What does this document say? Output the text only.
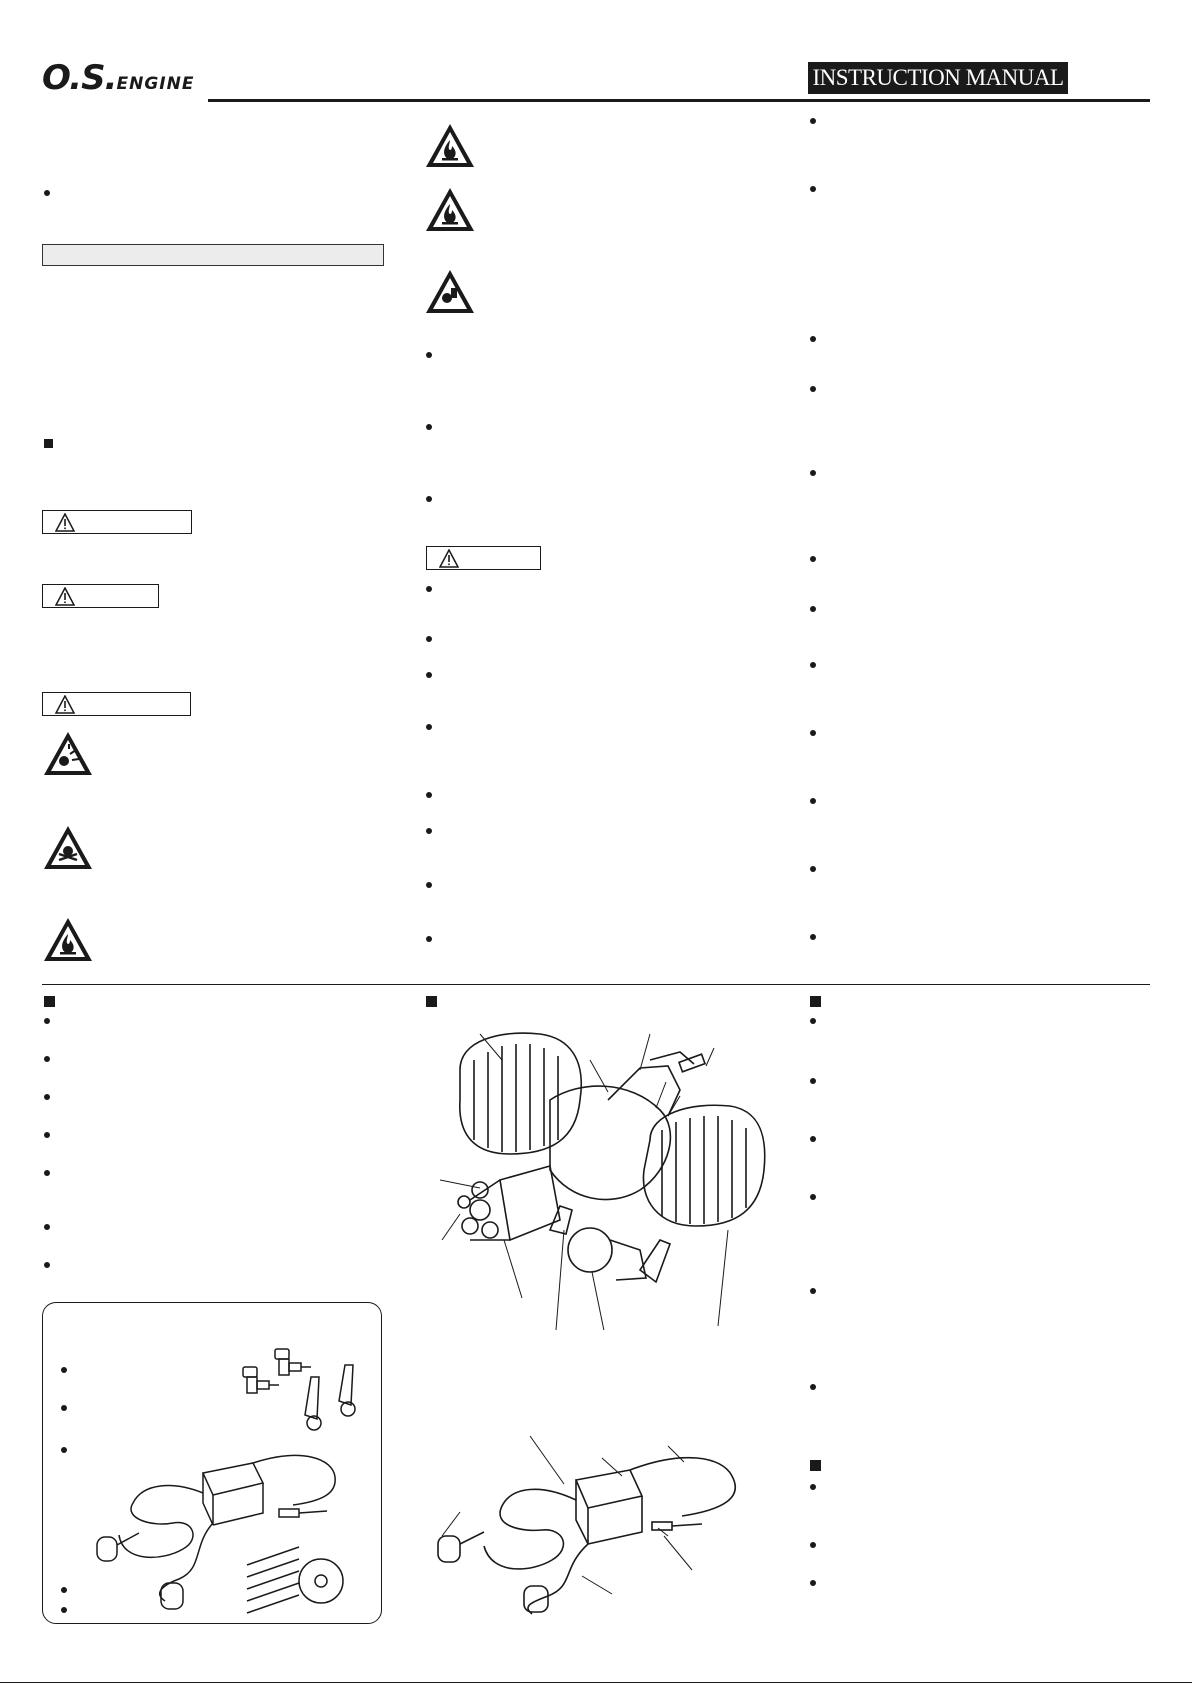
O.S.ENGINE	INSTRUCTION MANUAL
